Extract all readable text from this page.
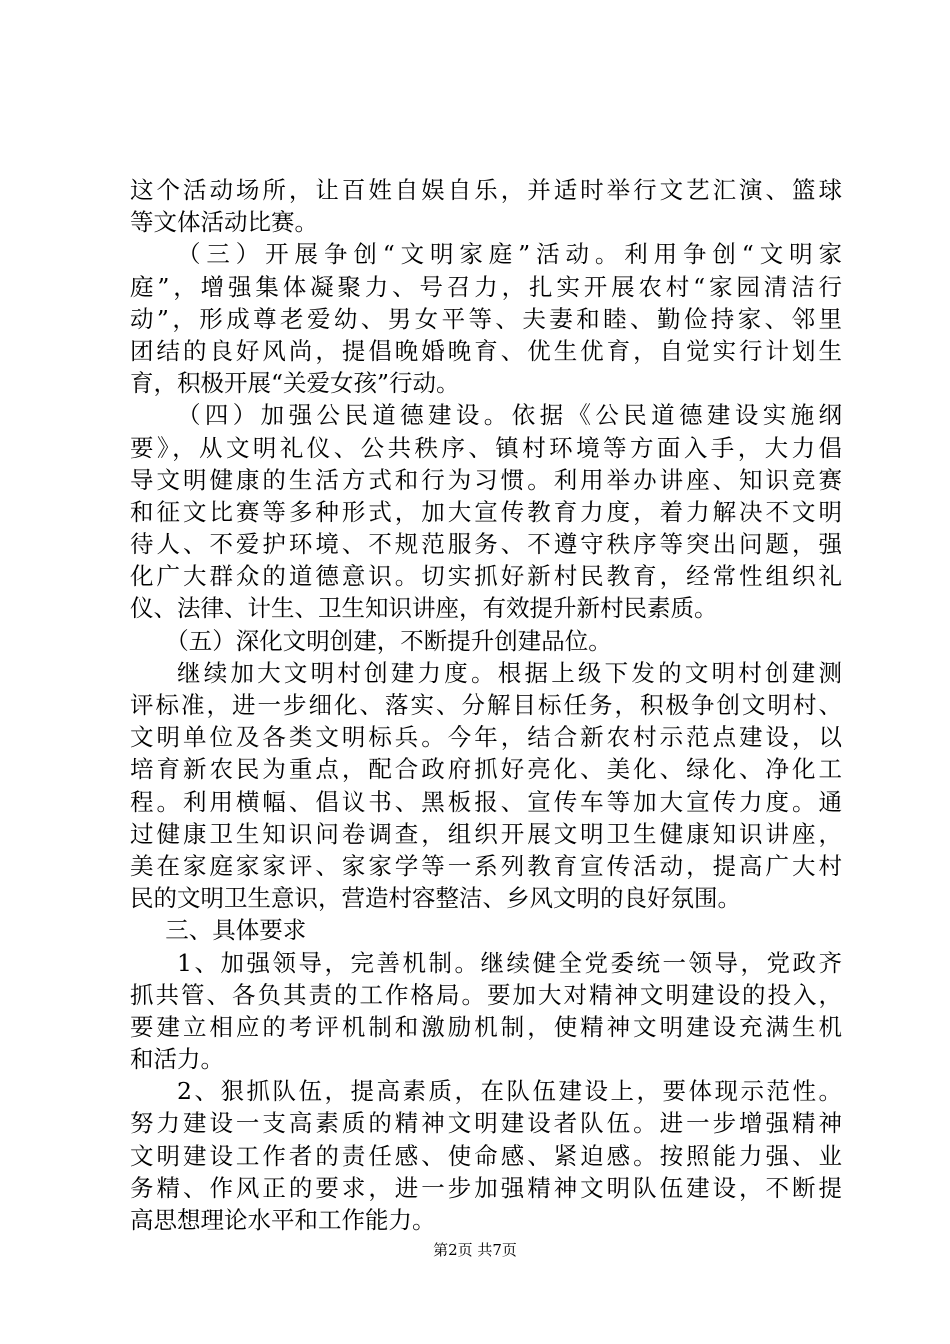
这个活动场所，让百姓自娱自乐，并适时举行文艺汇演、篮球
等文体活动比赛。
（三）开展争创“文明家庭”活动。利用争创“文明家
庭”，增强集体凝聚力、号召力，扎实开展农村“家园清洁行
动”，形成尊老爱幼、男女平等、夫妻和睦、勤俭持家、邻里
团结的良好风尚，提倡晚婚晚育、优生优育，自觉实行计划生
育，积极开展“关爱女孩”行动。
（四）加强公民道德建设。依据《公民道德建设实施纲
要》，从文明礼仪、公共秩序、镇村环境等方面入手，大力倡
导文明健康的生活方式和行为习惯。利用举办讲座、知识竞赛
和征文比赛等多种形式，加大宣传教育力度，着力解决不文明
待人、不爱护环境、不规范服务、不遵守秩序等突出问题，强
化广大群众的道德意识。切实抓好新村民教育，经常性组织礼
仪、法律、计生、卫生知识讲座，有效提升新村民素质。
（五）深化文明创建，不断提升创建品位。
继续加大文明村创建力度。根据上级下发的文明村创建测
评标准，进一步细化、落实、分解目标任务，积极争创文明村、
文明单位及各类文明标兵。今年，结合新农村示范点建设，以
培育新农民为重点，配合政府抓好亮化、美化、绿化、净化工
程。利用横幅、倡议书、黑板报、宣传车等加大宣传力度。通
过健康卫生知识问卷调查，组织开展文明卫生健康知识讲座，
美在家庭家家评、家家学等一系列教育宣传活动，提高广大村
民的文明卫生意识，营造村容整洁、乡风文明的良好氛围。
三、具体要求
1、加强领导，完善机制。继续健全党委统一领导，党政齐
抓共管、各负其责的工作格局。要加大对精神文明建设的投入，
要建立相应的考评机制和激励机制，使精神文明建设充满生机
和活力。
2、狠抓队伍，提高素质，在队伍建设上，要体现示范性。
努力建设一支高素质的精神文明建设者队伍。进一步增强精神
文明建设工作者的责任感、使命感、紧迫感。按照能力强、业
务精、作风正的要求，进一步加强精神文明队伍建设，不断提
高思想理论水平和工作能力。
第2页 共7页
